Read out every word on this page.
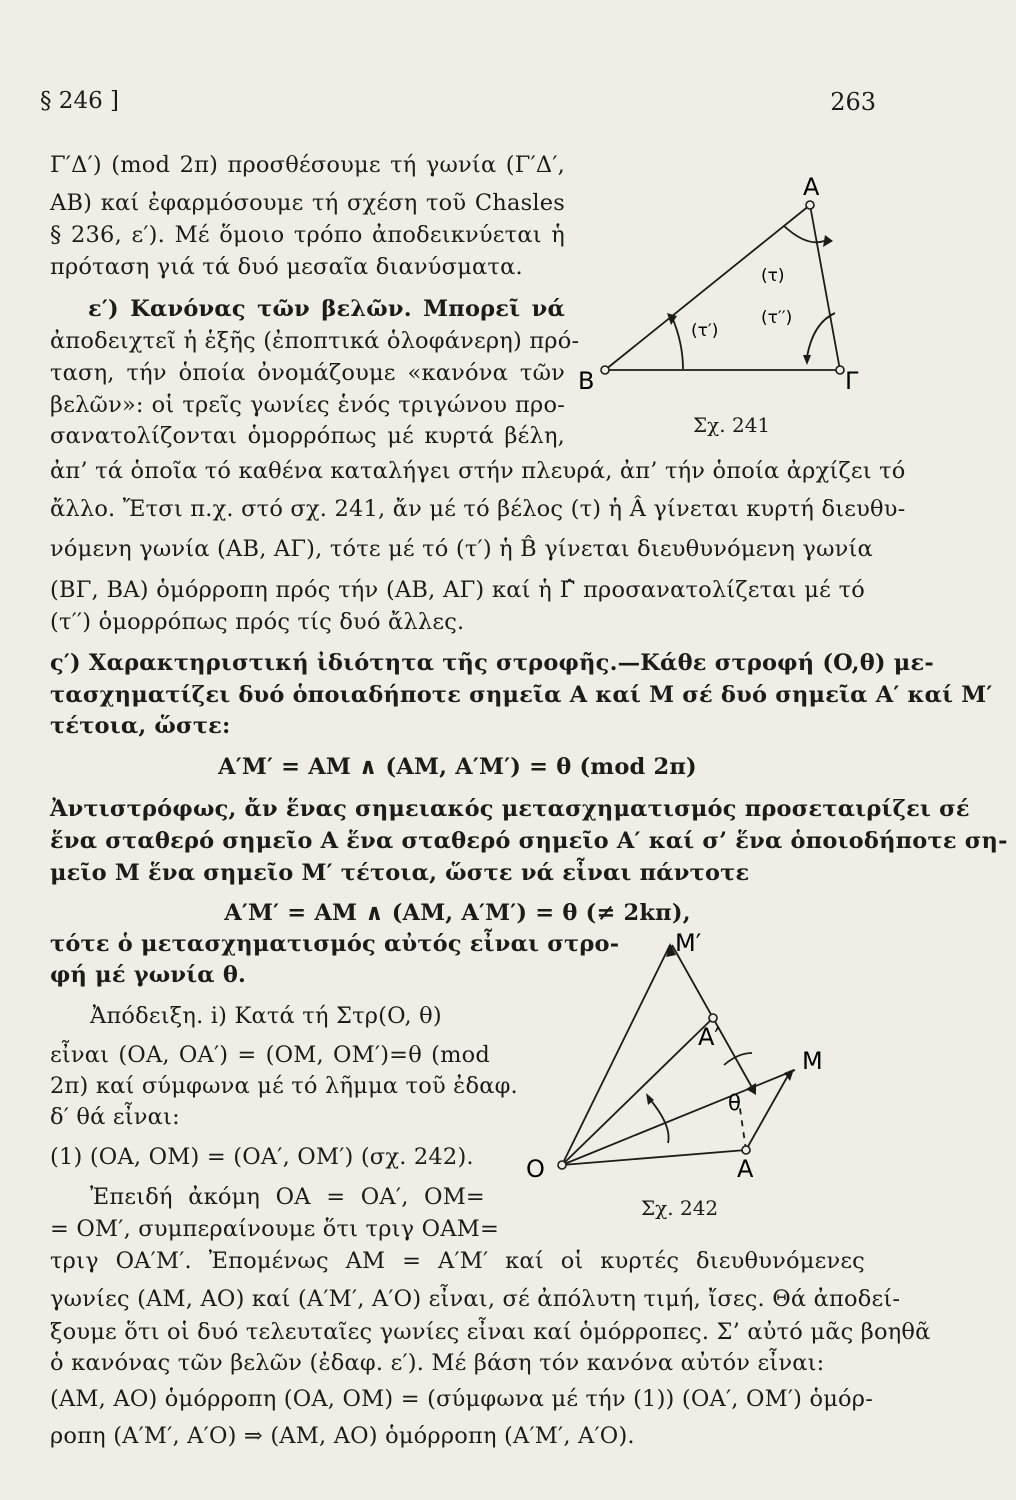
§ 246 ]	263
Γ′Δ′) (mod 2π) προσθέσουμε τή γωνία (Γ′Δ′,
AB) καί ἐφαρμόσουμε τή σχέση τοῦ Chasles
§ 236, ε′). Μέ ὅμοιο τρόπο ἀποδεικνύεται ἡ
πρόταση γιά τά δυό μεσαῖα διανύσματα.
ε′) Κανόνας τῶν βελῶν. Μπορεῖ νά
ἀποδειχτεῖ ἡ ἑξῆς (ἐποπτικά ὁλοφάνερη) πρό-
ταση, τήν ὁποία ὀνομάζουμε «κανόνα τῶν
βελῶν»: οἱ τρεῖς γωνίες ἑνός τριγώνου προ-
σανατολίζονται ὁμορρόπως μέ κυρτά βέλη,
ἀπ’ τά ὁποῖα τό καθένα καταλήγει στήν πλευρά, ἀπ’ τήν ὁποία ἀρχίζει τό
ἄλλο. Ἔτσι π.χ. στό σχ. 241, ἄν μέ τό βέλος (τ) ἡ Â γίνεται κυρτή διευθυ-
νόμενη γωνία (AB, AΓ), τότε μέ τό (τ′) ἡ B̂ γίνεται διευθυνόμενη γωνία
(BΓ, BA) ὁμόρροπη πρός τήν (AB, AΓ) καί ἡ Γ̂ προσανατολίζεται μέ τό
(τ′′) ὁμορρόπως πρός τίς δυό ἄλλες.
ς′) Χαρακτηριστική ἰδιότητα τῆς στροφῆς.—Κάθε στροφή (O,θ) με-
τασχηματίζει δυό ὁποιαδήποτε σημεῖα A καί M σέ δυό σημεῖα A′ καί M′
τέτοια, ὥστε:
A′M′ = AM ∧ (AM, A′M′) = θ (mod 2π)
Ἀντιστρόφως, ἄν ἕνας σημειακός μετασχηματισμός προσεταιρίζει σέ
ἕνα σταθερό σημεῖο A ἕνα σταθερό σημεῖο A′ καί σ’ ἕνα ὁποιοδήποτε ση-
μεῖο M ἕνα σημεῖο M′ τέτοια, ὥστε νά εἶναι πάντοτε
A′M′ = AM ∧ (AM, A′M′) = θ (≠ 2kπ),
τότε ὁ μετασχηματισμός αὐτός εἶναι στρο-
φή μέ γωνία θ.
Ἀπόδειξη. i) Κατά τή Στρ(O, θ)
εἶναι (OA, OA′) = (OM, OM′)=θ (mod
2π) καί σύμφωνα μέ τό λῆμμα τοῦ ἐδαφ.
δ′ θά εἶναι:
(1) (OA, OM) = (OA′, OM′) (σχ. 242).
Ἐπειδή ἀκόμη OA = OA′, OM=
= OM′, συμπεραίνουμε ὅτι τριγ OAM=
τριγ OA′M′. Ἐπομένως AM = A′M′ καί οἱ κυρτές διευθυνόμενες
γωνίες (AM, AO) καί (A′M′, A′O) εἶναι, σέ ἀπόλυτη τιμή, ἴσες. Θά ἀποδεί-
ξουμε ὅτι οἱ δυό τελευταῖες γωνίες εἶναι καί ὁμόρροπες. Σ’ αὐτό μᾶς βοηθᾶ
ὁ κανόνας τῶν βελῶν (ἐδαφ. ε′). Μέ βάση τόν κανόνα αὐτόν εἶναι:
(AM, AO) ὁμόρροπη (OA, OM) = (σύμφωνα μέ τήν (1)) (OA′, OM′) ὁμόρ-
ροπη (A′M′, A′O) ⇒ (AM, AO) ὁμόρροπη (A′M′, A′O).
A
B	Γ
(τ)
(τ′)
(τ′′)
Σχ. 241
O	A
A′
M
M′
θ
Σχ. 242
